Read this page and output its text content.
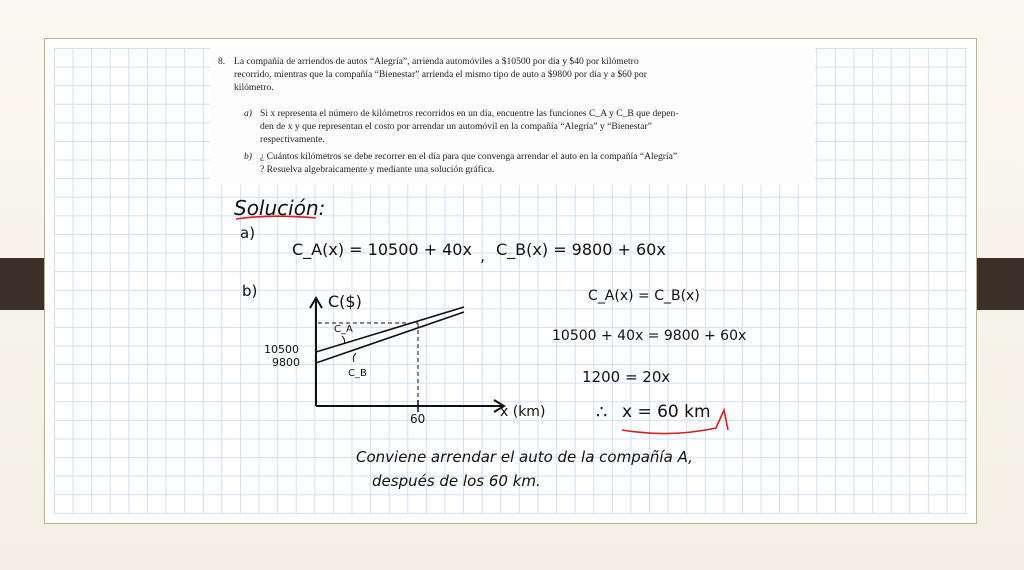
8. La compañía de arriendos de autos “Alegría”, arrienda automóviles a $10500 por día y $40 por kilómetro
recorrido, mientras que la compañía “Bienestar” arrienda el mismo tipo de auto a $9800 por día y a $60 por
kilómetro.
a) Si x representa el número de kilómetros recorridos en un día, encuentre las funciones C_A y C_B que depen-
den de x y que representan el costo por arrendar un automóvil en la compañía “Alegría” y “Bienestar”
respectivamente.
b) ¿ Cuántos kilómetros se debe recorrer en el día para que convenga arrendar el auto en la compañía “Alegría”
? Resuelva algebraicamente y mediante una solución gráfica.
Solución:
a)
C_A(x) = 10500 + 40x , C_B(x) = 9800 + 60x
b)	C_A(x) = C_B(x)
10500 + 40x = 9800 + 60x
1200 = 20x
∴ x = 60 km
Conviene arrendar el auto de la compañía A,
después de los 60 km.
C($)
x (km)
60
10500
9800
C_A
C_B
